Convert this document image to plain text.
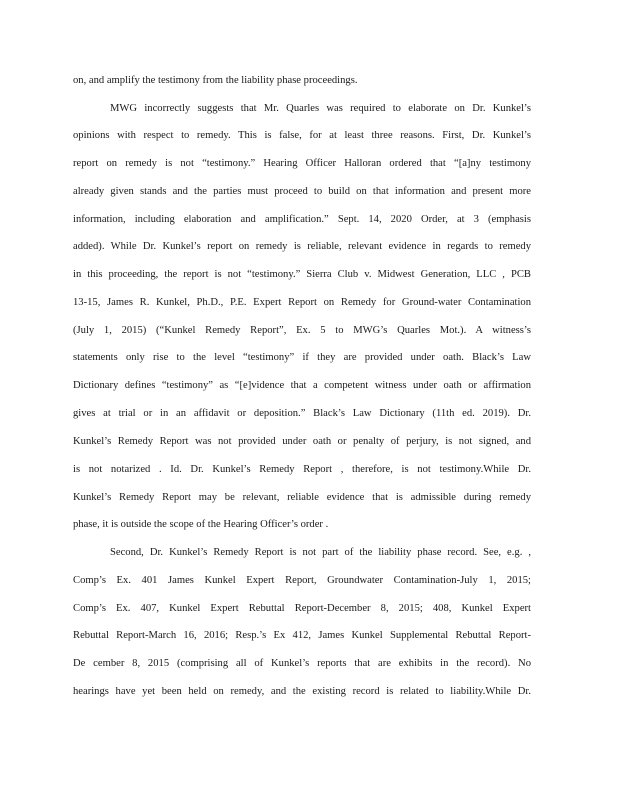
on, and amplify the testimony from the liability phase proceedings.
MWG incorrectly suggests that Mr. Quarles was required to elaborate on Dr. Kunkel’s
opinions with respect to remedy. This is false, for at least three reasons. First, Dr. Kunkel’s
report on remedy is not “testimony.” Hearing Officer Halloran ordered that “[a]ny testimony
already given stands and the parties must proceed to build on that information and present more
information, including elaboration and amplification.” Sept. 14, 2020 Order, at 3 (emphasis
added). While Dr. Kunkel’s report on remedy is reliable, relevant evidence in regards to remedy
in this proceeding, the report is not “testimony.” Sierra Club v. Midwest Generation, LLC , PCB
13-15, James R. Kunkel, Ph.D., P.E. Expert Report on Remedy for Ground-water Contamination
(July 1, 2015) (“Kunkel Remedy Report”, Ex. 5 to MWG’s Quarles Mot.). A witness’s
statements only rise to the level “testimony” if they are provided under oath. Black’s Law
Dictionary defines “testimony” as “[e]vidence that a competent witness under oath or affirmation
gives at trial or in an affidavit or deposition.” Black’s Law Dictionary (11th ed. 2019). Dr.
Kunkel’s Remedy Report was not provided under oath or penalty of perjury, is not signed, and
is not notarized . Id. Dr. Kunkel’s Remedy Report , therefore, is not testimony.While Dr.
Kunkel’s Remedy Report may be relevant, reliable evidence that is admissible during remedy
phase, it is outside the scope of the Hearing Officer’s order .
Second, Dr. Kunkel’s Remedy Report is not part of the liability phase record. See, e.g. ,
Comp’s Ex. 401 James Kunkel Expert Report, Groundwater Contamination-July 1, 2015;
Comp’s Ex. 407, Kunkel Expert Rebuttal Report-December 8, 2015; 408, Kunkel Expert
Rebuttal Report-March 16, 2016; Resp.’s Ex 412, James Kunkel Supplemental Rebuttal Report-
De cember 8, 2015 (comprising all of Kunkel’s reports that are exhibits in the record). No
hearings have yet been held on remedy, and the existing record is related to liability.While Dr.
